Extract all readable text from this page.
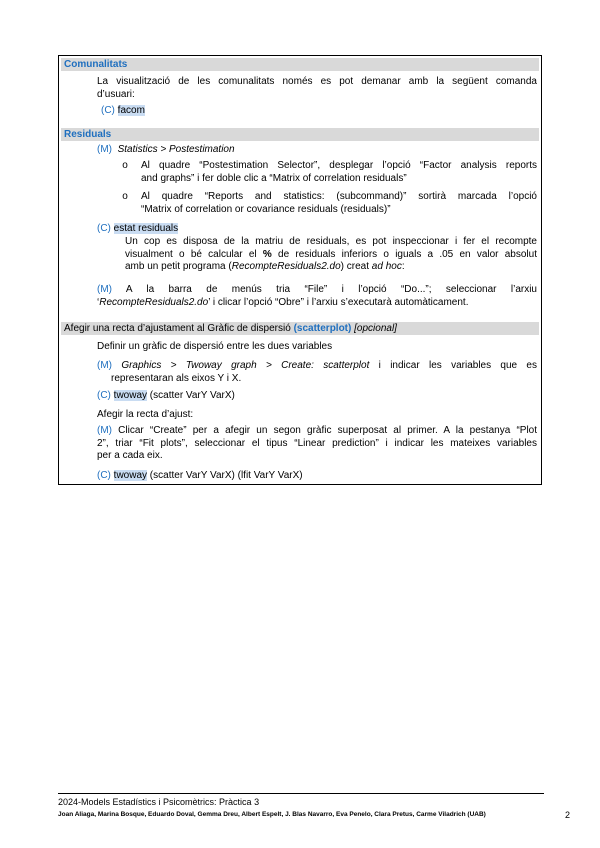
Comunalitats
La visualització de les comunalitats només es pot demanar amb la següent comanda
d’usuari:
(C) facom
Residuals
(M) Statistics > Postestimation
o Al quadre “Postestimation Selector”, desplegar l’opció “Factor analysis reports
and graphs” i fer doble clic a “Matrix of correlation residuals”
o Al quadre “Reports and statistics: (subcommand)” sortirà marcada l’opció
“Matrix of correlation or covariance residuals (residuals)”
(C) estat residuals
Un cop es disposa de la matriu de residuals, es pot inspeccionar i fer el recompte
visualment o bé calcular el % de residuals inferiors o iguals a .05 en valor absolut
amb un petit programa (RecompteResiduals2.do) creat ad hoc:
(M) A la barra de menús tria “File” i l’opció “Do...”; seleccionar l’arxiu
‘RecompteResiduals2.do’ i clicar l’opció “Obre” i l’arxiu s’executarà automàticament.
Afegir una recta d’ajustament al Gràfic de dispersió (scatterplot) [opcional]
Definir un gràfic de dispersió entre les dues variables
(M) Graphics > Twoway graph > Create: scatterplot i indicar les variables que es
representaran als eixos Y i X.
(C) twoway (scatter VarY VarX)
Afegir la recta d’ajust:
(M) Clicar “Create” per a afegir un segon gràfic superposat al primer. A la pestanya “Plot
2”, triar “Fit plots”, seleccionar el tipus “Linear prediction” i indicar les mateixes variables
per a cada eix.
(C) twoway (scatter VarY VarX) (lfit VarY VarX)
2024-Models Estadístics i Psicomètrics: Pràctica 3
Joan Aliaga, Marina Bosque, Eduardo Doval, Gemma Dreu, Albert Espelt, J. Blas Navarro, Eva Penelo, Clara Pretus, Carme Viladrich (UAB)	2
